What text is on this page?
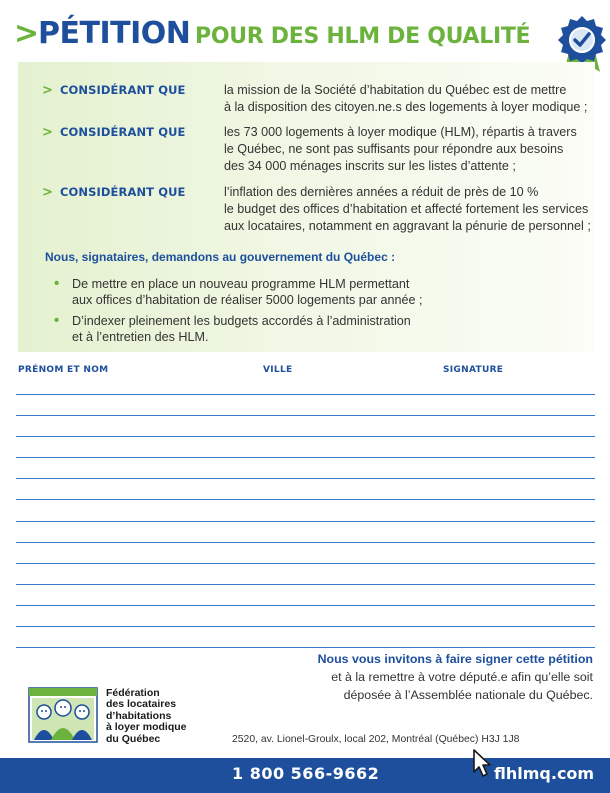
>
PÉTITION POUR DES HLM DE QUALITÉ
> CONSIDÉRANT QUE	la mission de la Société d’habitation du Québec est de mettre
à la disposition des citoyen.ne.s des logements à loyer modique ;
> CONSIDÉRANT QUE	les 73 000 logements à loyer modique (HLM), répartis à travers
le Québec, ne sont pas suffisants pour répondre aux besoins
des 34 000 ménages inscrits sur les listes d’attente ;
> CONSIDÉRANT QUE	l’inflation des dernières années a réduit de près de 10 %
le budget des offices d’habitation et affecté fortement les services
aux locataires, notamment en aggravant la pénurie de personnel ;
Nous, signataires, demandons au gouvernement du Québec :
• De mettre en place un nouveau programme HLM permettant
aux offices d’habitation de réaliser 5000 logements par année ;
• D’indexer pleinement les budgets accordés à l’administration
et à l’entretien des HLM.
PRÉNOM ET NOM	VILLE	SIGNATURE
Nous vous invitons à faire signer cette pétition
et à la remettre à votre député.e afin qu’elle soit
déposée à l’Assemblée nationale du Québec.
Fédération
des locataires
d’habitations
à loyer modique
du Québec	2520, av. Lionel-Groulx, local 202, Montréal (Québec) H3J 1J8
1 800 566-9662	flhlmq.com
